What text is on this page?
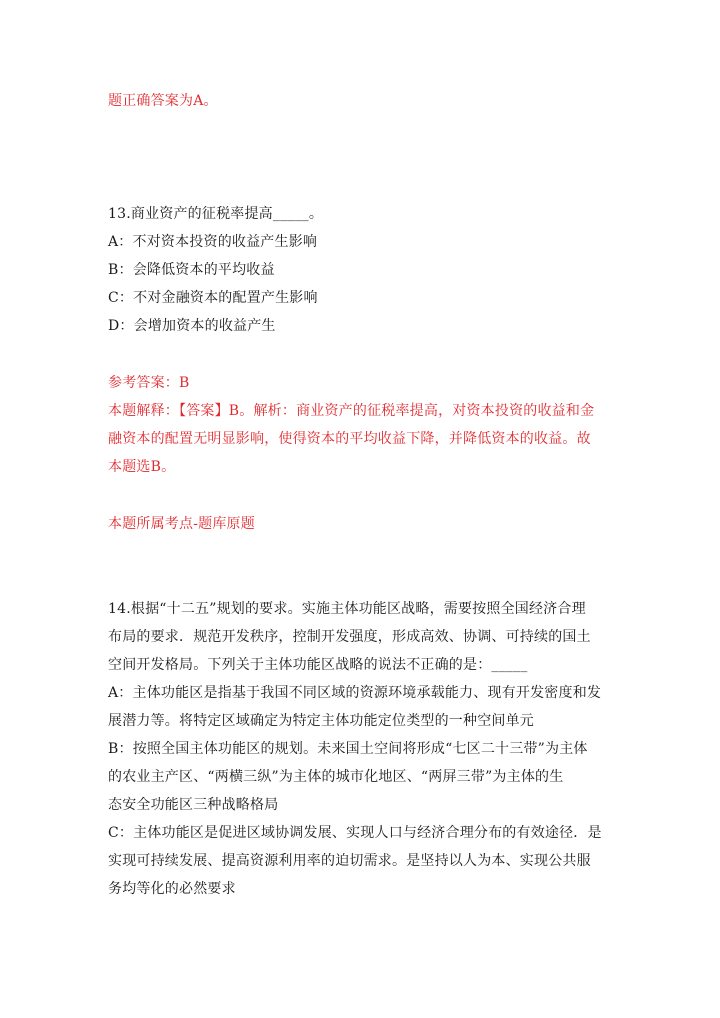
题正确答案为A。
13.商业资产的征税率提高_____。
A：不对资本投资的收益产生影响
B：会降低资本的平均收益
C：不对金融资本的配置产生影响
D：会增加资本的收益产生
参考答案：B
本题解释：【答案】B。解析：商业资产的征税率提高，对资本投资的收益和金
融资本的配置无明显影响，使得资本的平均收益下降，并降低资本的收益。故
本题选B。
本题所属考点-题库原题
14.根据“十二五”规划的要求。实施主体功能区战略，需要按照全国经济合理
布局的要求．规范开发秩序，控制开发强度，形成高效、协调、可持续的国土
空间开发格局。下列关于主体功能区战略的说法不正确的是：_____
A：主体功能区是指基于我国不同区域的资源环境承载能力、现有开发密度和发
展潜力等。将特定区域确定为特定主体功能定位类型的一种空间单元
B：按照全国主体功能区的规划。未来国土空间将形成“七区二十三带”为主体
的农业主产区、“两横三纵”为主体的城市化地区、“两屏三带”为主体的生
态安全功能区三种战略格局
C：主体功能区是促进区域协调发展、实现人口与经济合理分布的有效途径．是
实现可持续发展、提高资源利用率的迫切需求。是坚持以人为本、实现公共服
务均等化的必然要求
